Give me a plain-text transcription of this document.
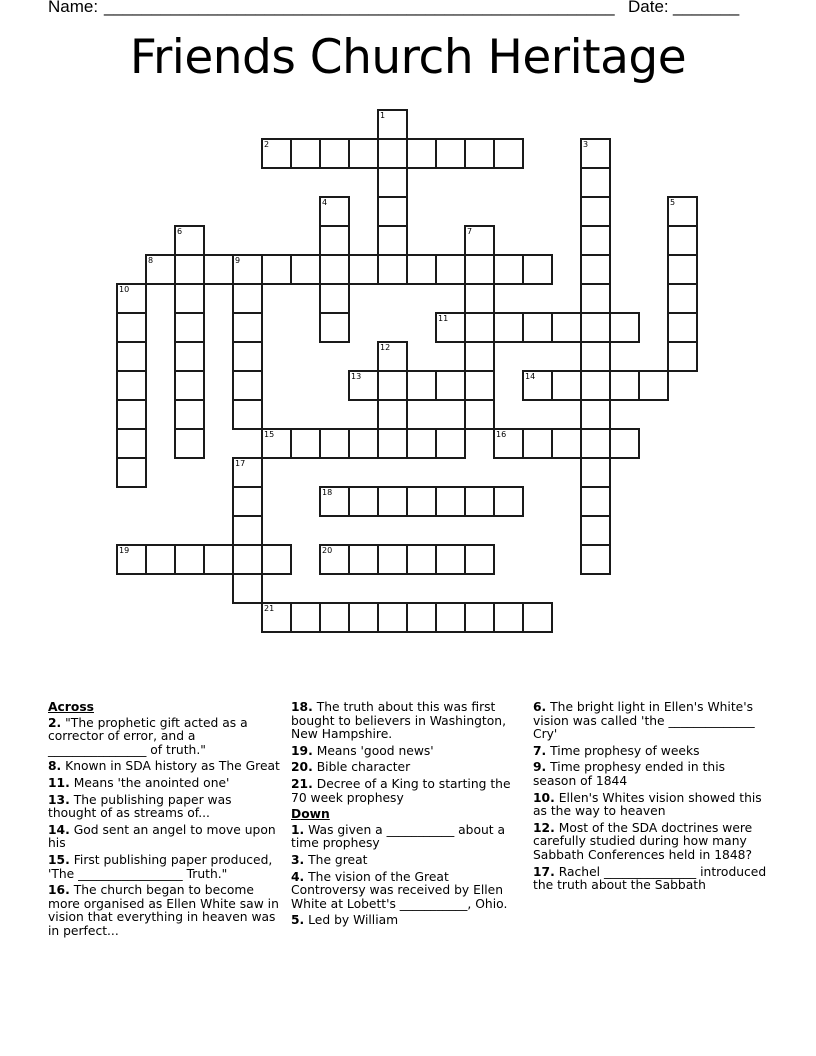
Name: ______________________________________________________ Date: _______
Friends Church Heritage
1
2	3
4	5
6	7
8	9
10
11
12
13	14
15	16
17
18
19	20
21
Across
2. "The prophetic gift acted as a corrector of error, and a ________________ of truth."
8. Known in SDA history as The Great
11. Means 'the anointed one'
13. The publishing paper was thought of as streams of...
14. God sent an angel to move upon his
15. First publishing paper produced, 'The _________________ Truth."
16. The church began to become more organised as Ellen White saw in vision that everything in heaven was in perfect...
18. The truth about this was first bought to believers in Washington, New Hampshire.
19. Means 'good news'
20. Bible character
21. Decree of a King to starting the 70 week prophesy
Down
1. Was given a ___________ about a time prophesy
3. The great
4. The vision of the Great Controversy was received by Ellen White at Lobett's ___________, Ohio.
5. Led by William
6. The bright light in Ellen's White's vision was called 'the ______________ Cry'
7. Time prophesy of weeks
9. Time prophesy ended in this season of 1844
10. Ellen's Whites vision showed this as the way to heaven
12. Most of the SDA doctrines were carefully studied during how many Sabbath Conferences held in 1848?
17. Rachel _______________ introduced the truth about the Sabbath
